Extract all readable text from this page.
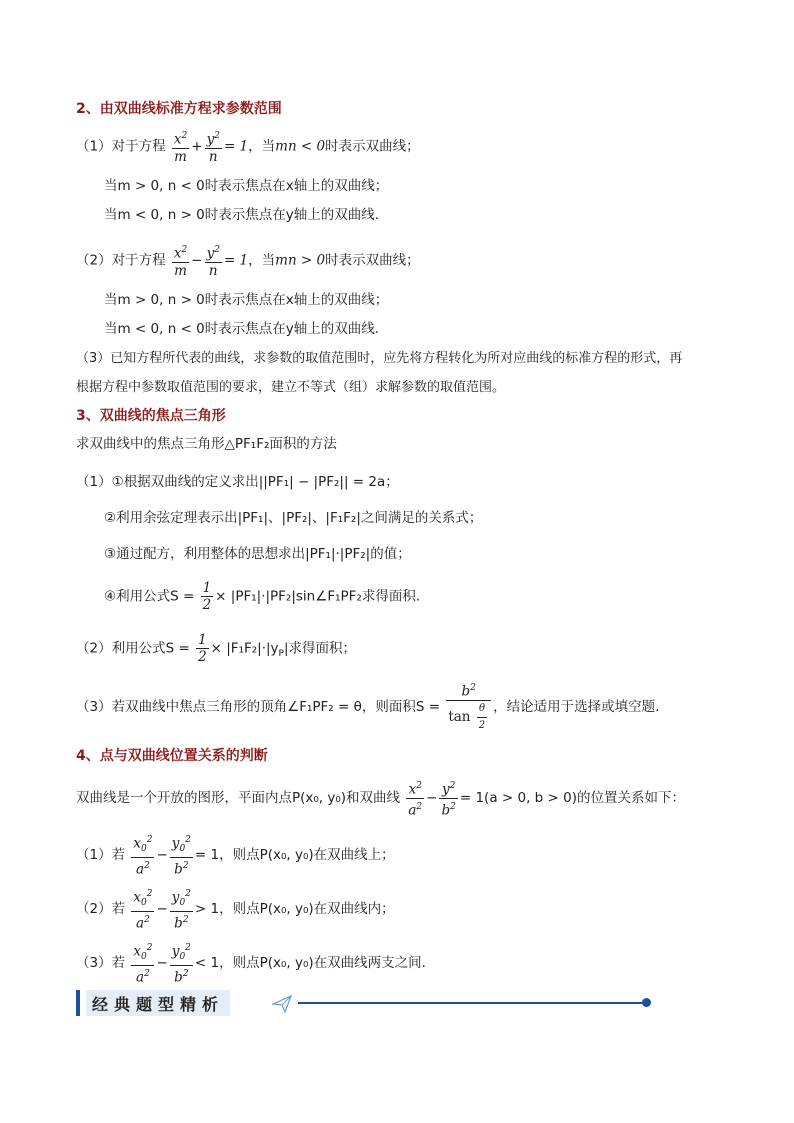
2、由双曲线标准方程求参数范围
（1）对于方程 $\frac{x^2}{m} + \frac{y^2}{n} = 1$，当mn < 0时表示双曲线；
当m > 0, n < 0时表示焦点在x轴上的双曲线；
当m < 0, n > 0时表示焦点在y轴上的双曲线.
（2）对于方程 $\frac{x^2}{m} - \frac{y^2}{n} = 1$，当mn > 0时表示双曲线；
当m > 0, n > 0时表示焦点在x轴上的双曲线；
当m < 0, n < 0时表示焦点在y轴上的双曲线.
（3）已知方程所代表的曲线，求参数的取值范围时，应先将方程转化为所对应曲线的标准方程的形式，再
根据方程中参数取值范围的要求，建立不等式（组）求解参数的取值范围。
3、双曲线的焦点三角形
求双曲线中的焦点三角形△PF₁F₂面积的方法
（1）①根据双曲线的定义求出||PF₁| − |PF₂|| = 2a；
②利用余弦定理表示出|PF₁|、|PF₂|、|F₁F₂|之间满足的关系式；
③通过配方，利用整体的思想求出|PF₁|·|PF₂|的值；
④利用公式$S = \frac{1}{2}$ × |PF₁|·|PF₂|sin∠F₁PF₂求得面积.
（2）利用公式$S = \frac{1}{2} \times |F_1F_2|\cdot|y_P|$求得面积；
（3）若双曲线中焦点三角形的顶角∠F₁PF₂ = θ，则面积$S = \frac{b^2}{\tan \frac{\theta}{2}}$ ，结论适用于选择或填空题.
4、点与双曲线位置关系的判断
双曲线是一个开放的图形，平面内点P(x₀, y₀)和双曲线 $\frac{x^2}{a^2} - \frac{y^2}{b^2} = 1(a > 0$, b > 0)的位置关系如下：
（1）若 $\frac{x_0^2}{a^2} - \frac{y_0^2}{b^2} = 1$，则点P(x₀, y₀)在双曲线上；
（2）若 $\frac{x_0^2}{a^2} - \frac{y_0^2}{b^2} > 1$，则点P(x₀, y₀)在双曲线内；
（3）若 $\frac{x_0^2}{a^2} - \frac{y_0^2}{b^2} < 1$，则点P(x₀, y₀)在双曲线两支之间.
经典题型精析
